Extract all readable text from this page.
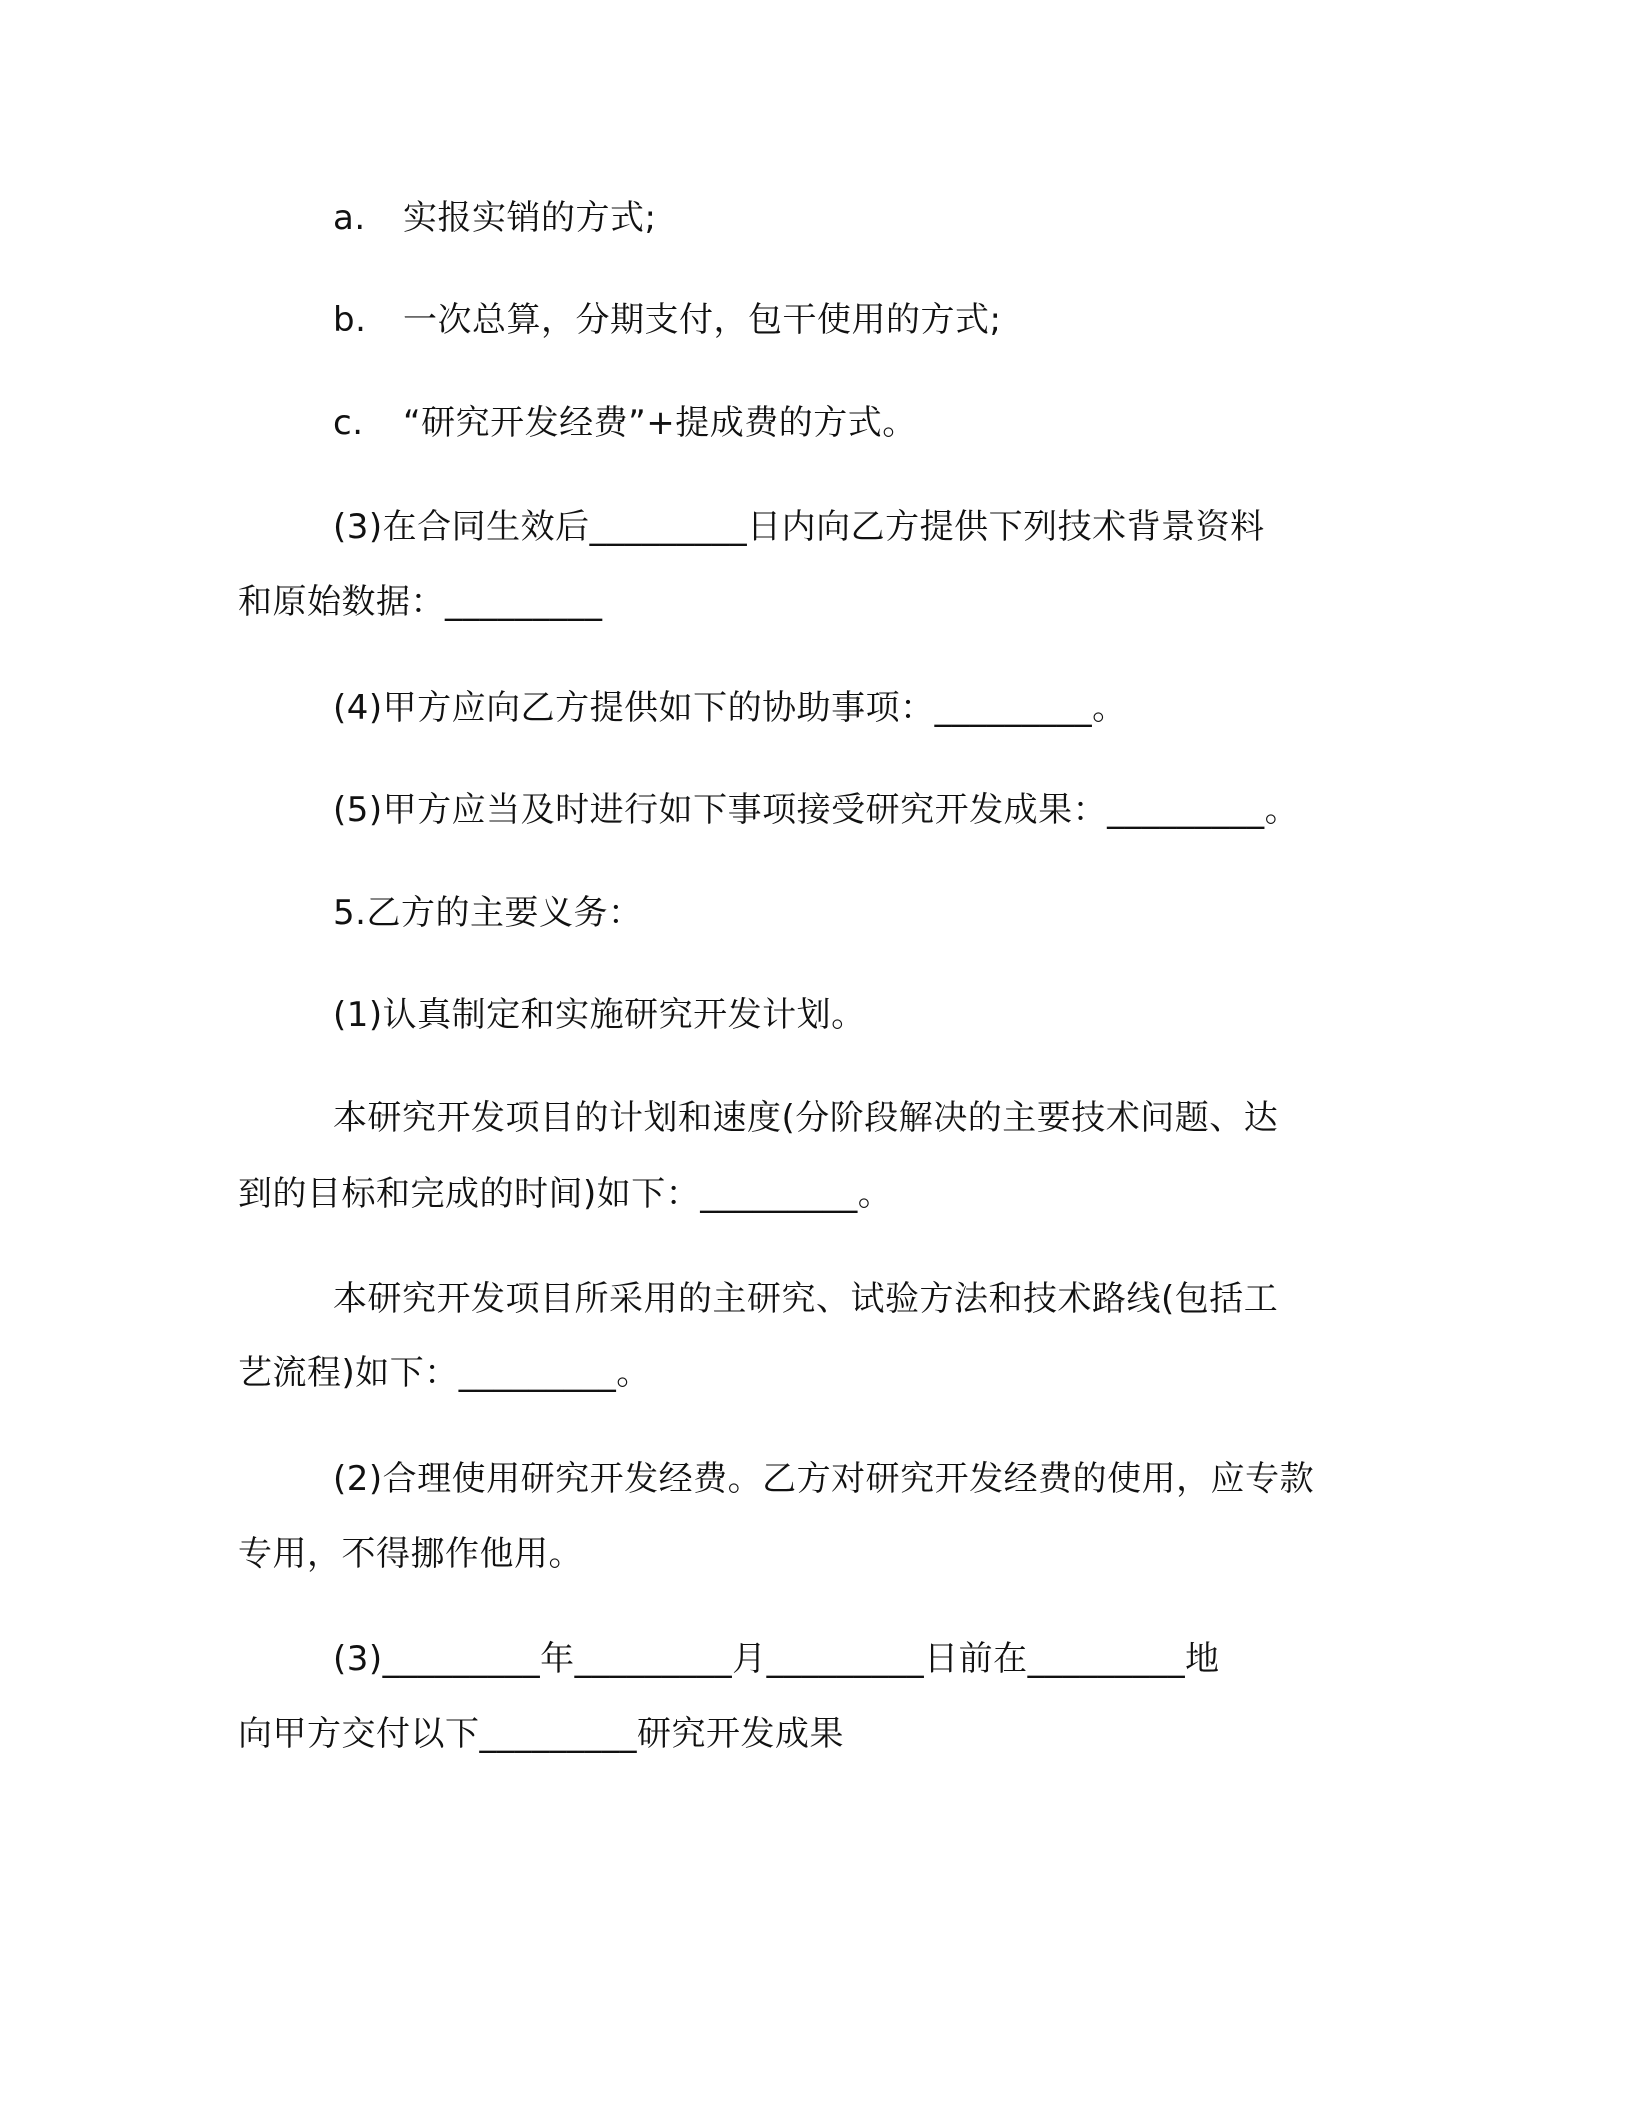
a. 实报实销的方式;
b. 一次总算，分期支付，包干使用的方式;
c. “研究开发经费”+提成费的方式。
(3)在合同生效后_________日内向乙方提供下列技术背景资料
和原始数据：_________
(4)甲方应向乙方提供如下的协助事项：_________。
(5)甲方应当及时进行如下事项接受研究开发成果：_________。
5.乙方的主要义务：
(1)认真制定和实施研究开发计划。
本研究开发项目的计划和速度(分阶段解决的主要技术问题、达
到的目标和完成的时间)如下：_________。
本研究开发项目所采用的主研究、试验方法和技术路线(包括工
艺流程)如下：_________。
(2)合理使用研究开发经费。乙方对研究开发经费的使用，应专款
专用，不得挪作他用。
(3)_________年_________月_________日前在_________地
向甲方交付以下_________研究开发成果
